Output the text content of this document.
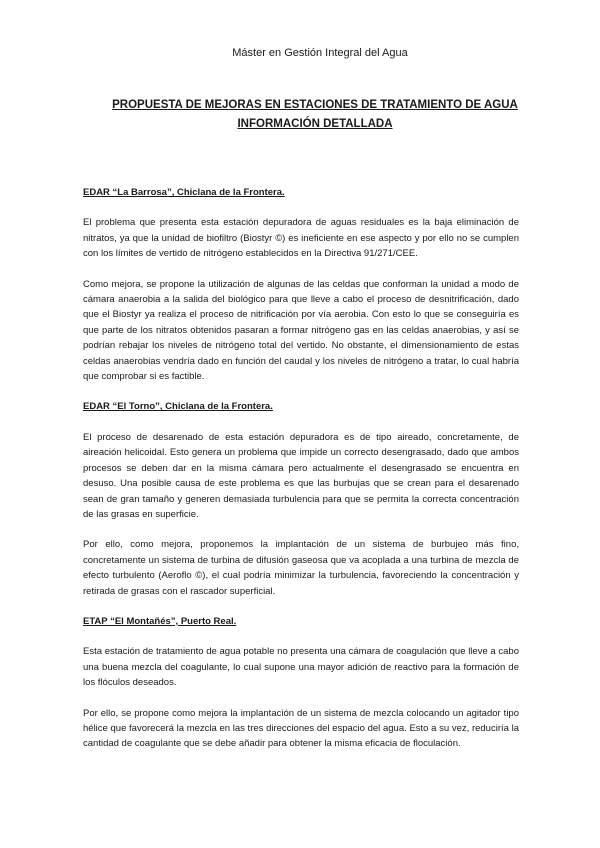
Máster en Gestión Integral del Agua
PROPUESTA DE MEJORAS EN ESTACIONES DE TRATAMIENTO DE AGUA
INFORMACIÓN DETALLADA
EDAR “La Barrosa”, Chiclana de la Frontera.

El problema que presenta esta estación depuradora de aguas residuales es la baja eliminación de nitratos, ya que la unidad de biofiltro (Biostyr ©) es ineficiente en ese aspecto y por ello no se cumplen con los límites de vertido de nitrógeno establecidos en la Directiva 91/271/CEE.

Como mejora, se propone la utilización de algunas de las celdas que conforman la unidad a modo de cámara anaerobia a la salida del biológico para que lleve a cabo el proceso de desnitrificación, dado que el Biostyr ya realiza el proceso de nitrificación por vía aerobia. Con esto lo que se conseguiría es que parte de los nitratos obtenidos pasaran a formar nitrógeno gas en las celdas anaerobias, y así se podrían rebajar los niveles de nitrógeno total del vertido. No obstante, el dimensionamiento de estas celdas anaerobias vendría dado en función del caudal y los niveles de nitrógeno a tratar, lo cual habría que comprobar si es factible.

EDAR “El Torno”, Chiclana de la Frontera.

El proceso de desarenado de esta estación depuradora es de tipo aireado, concretamente, de aireación helicoidal. Esto genera un problema que impide un correcto desengrasado, dado que ambos procesos se deben dar en la misma cámara pero actualmente el desengrasado se encuentra en desuso. Una posible causa de este problema es que las burbujas que se crean para el desarenado sean de gran tamaño y generen demasiada turbulencia para que se permita la correcta concentración de las grasas en superficie.

Por ello, como mejora, proponemos la implantación de un sistema de burbujeo más fino, concretamente un sistema de turbina de difusión gaseosa que va acoplada a una turbina de mezcla de efecto turbulento (Aeroflo ©), el cual podría minimizar la turbulencia, favoreciendo la concentración y retirada de grasas con el rascador superficial.

ETAP “El Montañés”, Puerto Real.

Esta estación de tratamiento de agua potable no presenta una cámara de coagulación que lleve a cabo una buena mezcla del coagulante, lo cual supone una mayor adición de reactivo para la formación de los flóculos deseados.

Por ello, se propone como mejora la implantación de un sistema de mezcla colocando un agitador tipo hélice que favorecerá la mezcla en las tres direcciones del espacio del agua. Esto a su vez, reduciría la cantidad de coagulante que se debe añadir para obtener la misma eficacia de floculación.
